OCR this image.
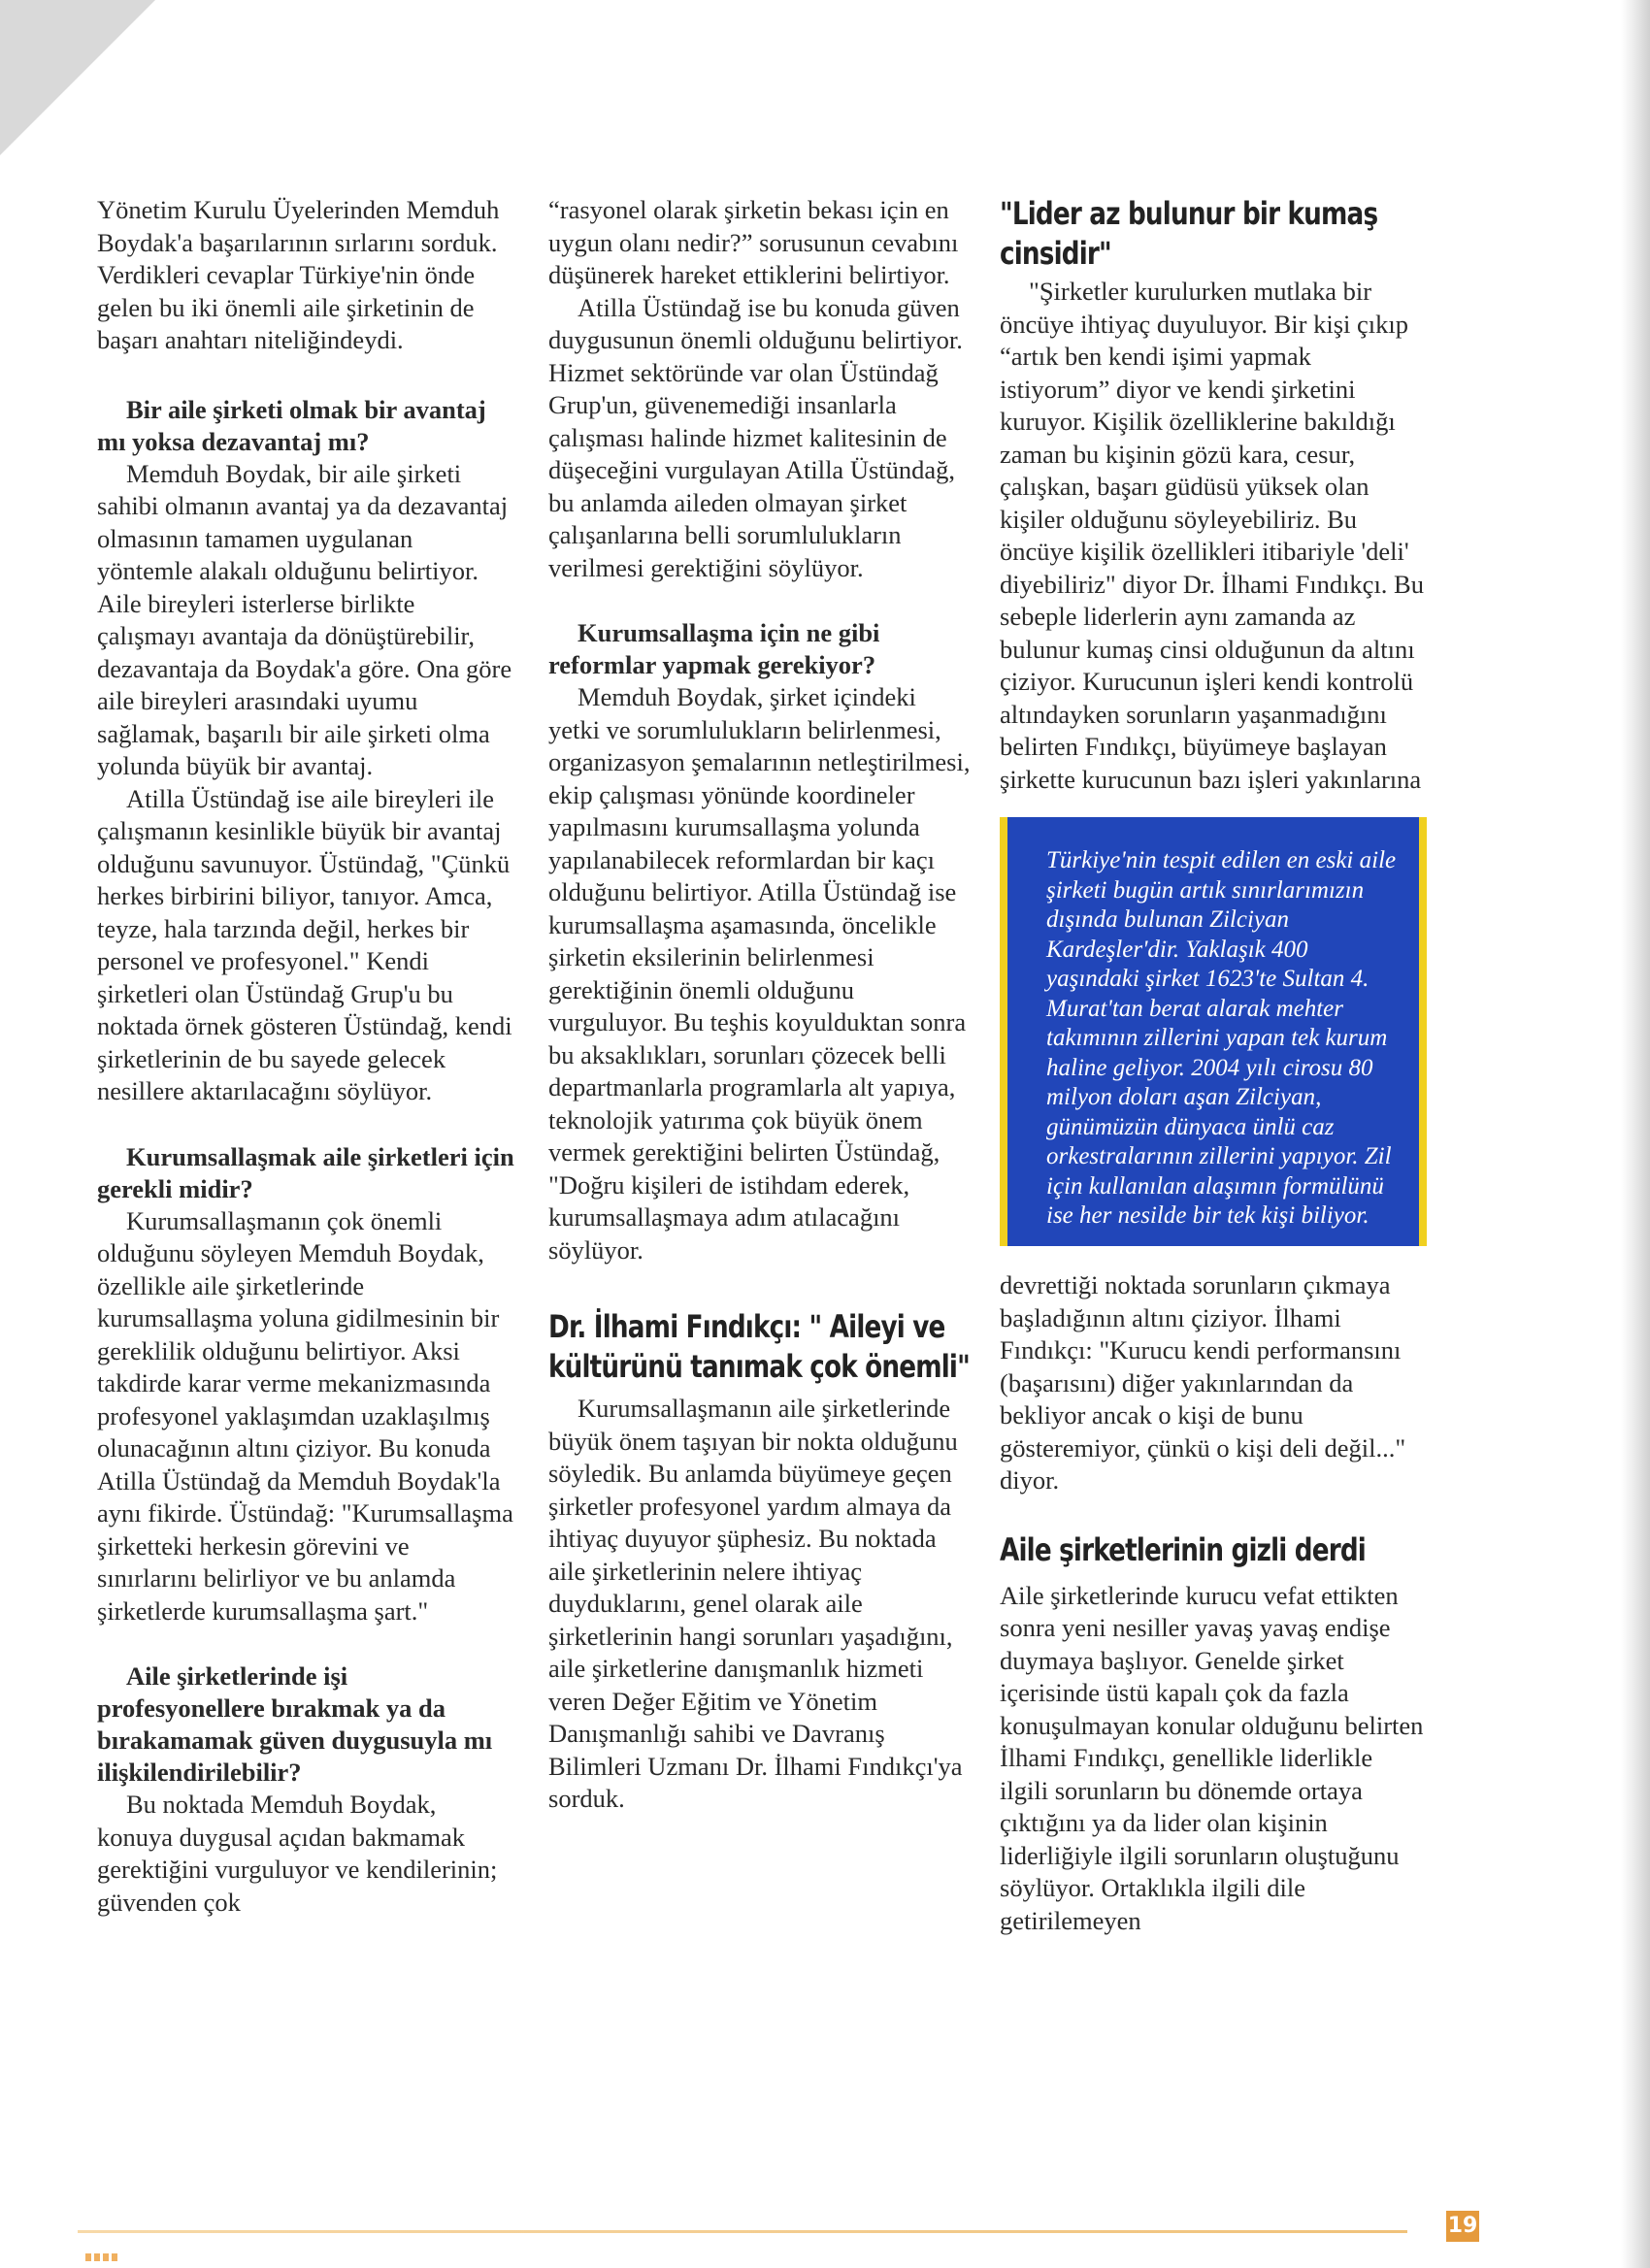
Yönetim Kurulu Üyelerinden Memduh Boydak'a başarılarının sırlarını sorduk. Verdikleri cevaplar Türkiye'nin önde gelen bu iki önemli aile şirketinin de başarı anahtarı niteliğindeydi.

Bir aile şirketi olmak bir avantaj mı yoksa dezavantaj mı?

Memduh Boydak, bir aile şirketi sahibi olmanın avantaj ya da dezavantaj olmasının tamamen uygulanan yöntemle alakalı olduğunu belirtiyor. Aile bireyleri isterlerse birlikte çalışmayı avantaja da dönüştürebilir, dezavantaja da Boydak'a göre. Ona göre aile bireyleri arasındaki uyumu sağlamak, başarılı bir aile şirketi olma yolunda büyük bir avantaj.

Atilla Üstündağ ise aile bireyleri ile çalışmanın kesinlikle büyük bir avantaj olduğunu savunuyor. Üstündağ, "Çünkü herkes birbirini biliyor, tanıyor. Amca, teyze, hala tarzında değil, herkes bir personel ve profesyonel." Kendi şirketleri olan Üstündağ Grup'u bu noktada örnek gösteren Üstündağ, kendi şirketlerinin de bu sayede gelecek nesillere aktarılacağını söylüyor.

Kurumsallaşmak aile şirketleri için gerekli midir?

Kurumsallaşmanın çok önemli olduğunu söyleyen Memduh Boydak, özellikle aile şirketlerinde kurumsallaşma yoluna gidilmesinin bir gereklilik olduğunu belirtiyor. Aksi takdirde karar verme mekanizmasında profesyonel yaklaşımdan uzaklaşılmış olunacağının altını çiziyor. Bu konuda Atilla Üstündağ da Memduh Boydak'la aynı fikirde. Üstündağ: "Kurumsallaşma şirketteki herkesin görevini ve sınırlarını belirliyor ve bu anlamda şirketlerde kurumsallaşma şart."

Aile şirketlerinde işi profesyonellere bırakmak ya da bırakamamak güven duygusuyla mı ilişkilendirilebilir?

Bu noktada Memduh Boydak, konuya duygusal açıdan bakmamak gerektiğini vurguluyor ve kendilerinin; güvenden çok

“rasyonel olarak şirketin bekası için en uygun olanı nedir?” sorusunun cevabını düşünerek hareket ettiklerini belirtiyor.

Atilla Üstündağ ise bu konuda güven duygusunun önemli olduğunu belirtiyor. Hizmet sektöründe var olan Üstündağ Grup'un, güvenemediği insanlarla çalışması halinde hizmet kalitesinin de düşeceğini vurgulayan Atilla Üstündağ, bu anlamda aileden olmayan şirket çalışanlarına belli sorumlulukların verilmesi gerektiğini söylüyor.

Kurumsallaşma için ne gibi reformlar yapmak gerekiyor?

Memduh Boydak, şirket içindeki yetki ve sorumlulukların belirlenmesi, organizasyon şemalarının netleştirilmesi, ekip çalışması yönünde koordineler yapılmasını kurumsallaşma yolunda yapılanabilecek reformlardan bir kaçı olduğunu belirtiyor. Atilla Üstündağ ise kurumsallaşma aşamasında, öncelikle şirketin eksilerinin belirlenmesi gerektiğinin önemli olduğunu vurguluyor. Bu teşhis koyulduktan sonra bu aksaklıkları, sorunları çözecek belli departmanlarla programlarla alt yapıya, teknolojik yatırıma çok büyük önem vermek gerektiğini belirten Üstündağ, "Doğru kişileri de istihdam ederek, kurumsallaşmaya adım atılacağını söylüyor.

Dr. İlhami Fındıkçı: " Aileyi ve kültürünü tanımak çok önemli"

Kurumsallaşmanın aile şirketlerinde büyük önem taşıyan bir nokta olduğunu söyledik. Bu anlamda büyümeye geçen şirketler profesyonel yardım almaya da ihtiyaç duyuyor şüphesiz. Bu noktada aile şirketlerinin nelere ihtiyaç duyduklarını, genel olarak aile şirketlerinin hangi sorunları yaşadığını, aile şirketlerine danışmanlık hizmeti veren Değer Eğitim ve Yönetim Danışmanlığı sahibi ve Davranış Bilimleri Uzmanı Dr. İlhami Fındıkçı'ya sorduk.

"Lider az bulunur bir kumaş cinsidir"

"Şirketler kurulurken mutlaka bir öncüye ihtiyaç duyuluyor. Bir kişi çıkıp “artık ben kendi işimi yapmak istiyorum” diyor ve kendi şirketini kuruyor. Kişilik özelliklerine bakıldığı zaman bu kişinin gözü kara, cesur, çalışkan, başarı güdüsü yüksek olan kişiler olduğunu söyleyebiliriz. Bu öncüye kişilik özellikleri itibariyle 'deli' diyebiliriz" diyor Dr. İlhami Fındıkçı. Bu sebeple liderlerin aynı zamanda az bulunur kumaş cinsi olduğunun da altını çiziyor. Kurucunun işleri kendi kontrolü altındayken sorunların yaşanmadığını belirten Fındıkçı, büyümeye başlayan şirkette kurucunun bazı işleri yakınlarına

Türkiye'nin tespit edilen en eski aile şirketi bugün artık sınırlarımızın dışında bulunan Zilciyan Kardeşler'dir. Yaklaşık 400 yaşındaki şirket 1623'te Sultan 4. Murat'tan berat alarak mehter takımının zillerini yapan tek kurum haline geliyor. 2004 yılı cirosu 80 milyon doları aşan Zilciyan, günümüzün dünyaca ünlü caz orkestralarının zillerini yapıyor. Zil için kullanılan alaşımın formülünü ise her nesilde bir tek kişi biliyor.

devrettiği noktada sorunların çıkmaya başladığının altını çiziyor. İlhami Fındıkçı: "Kurucu kendi performansını (başarısını) diğer yakınlarından da bekliyor ancak o kişi de bunu gösteremiyor, çünkü o kişi deli değil..." diyor.

Aile şirketlerinin gizli derdi

Aile şirketlerinde kurucu vefat ettikten sonra yeni nesiller yavaş yavaş endişe duymaya başlıyor. Genelde şirket içerisinde üstü kapalı çok da fazla konuşulmayan konular olduğunu belirten İlhami Fındıkçı, genellikle liderlikle ilgili sorunların bu dönemde ortaya çıktığını ya da lider olan kişinin liderliğiyle ilgili sorunların oluştuğunu söylüyor. Ortaklıkla ilgili dile getirilemeyen

19
